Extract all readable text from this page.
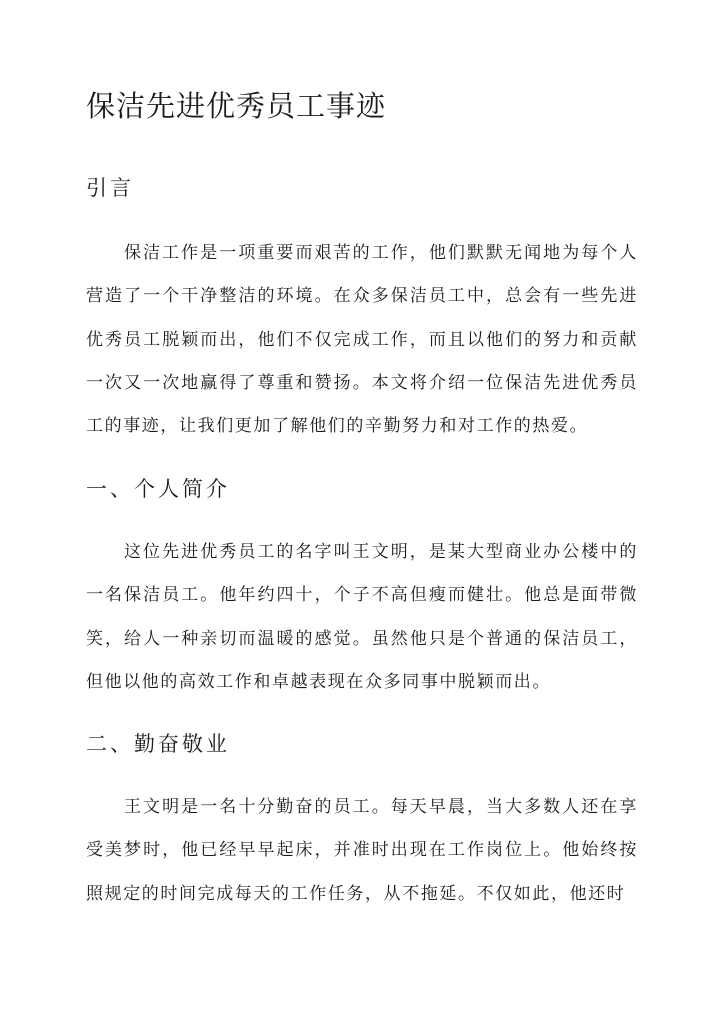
保洁先进优秀员工事迹
引言

保洁工作是一项重要而艰苦的工作，他们默默无闻地为每个人营造了一个干净整洁的环境。在众多保洁员工中，总会有一些先进优秀员工脱颖而出，他们不仅完成工作，而且以他们的努力和贡献一次又一次地赢得了尊重和赞扬。本文将介绍一位保洁先进优秀员工的事迹，让我们更加了解他们的辛勤努力和对工作的热爱。

一、个人简介

这位先进优秀员工的名字叫王文明，是某大型商业办公楼中的一名保洁员工。他年约四十，个子不高但瘦而健壮。他总是面带微笑，给人一种亲切而温暖的感觉。虽然他只是个普通的保洁员工，但他以他的高效工作和卓越表现在众多同事中脱颖而出。

二、勤奋敬业

王文明是一名十分勤奋的员工。每天早晨，当大多数人还在享受美梦时，他已经早早起床，并准时出现在工作岗位上。他始终按照规定的时间完成每天的工作任务，从不拖延。不仅如此，他还时
